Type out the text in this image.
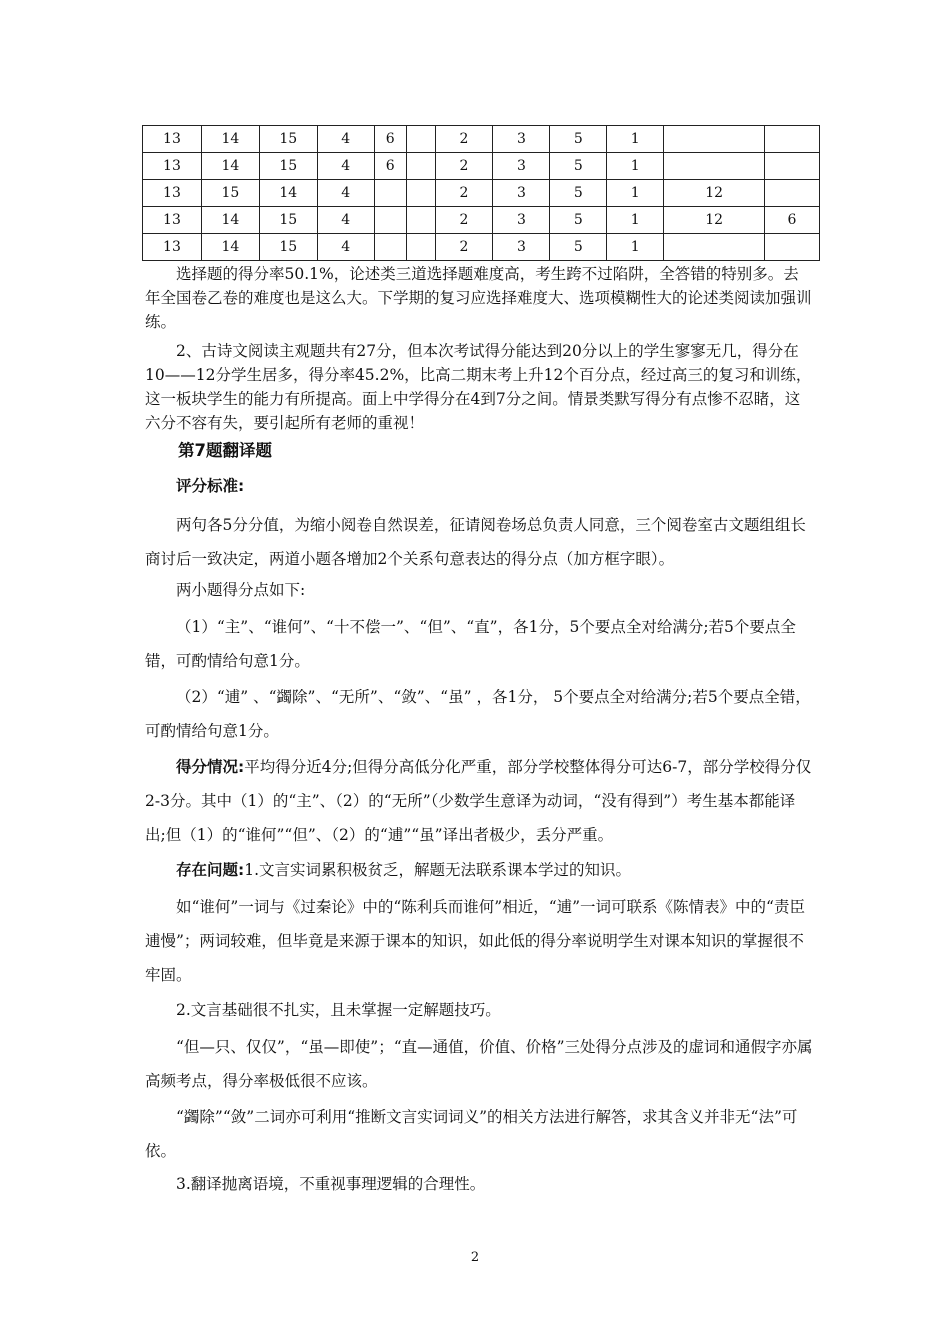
13	14	15	4	6		2	3	5	1		
13	14	15	4	6		2	3	5	1		
13	15	14	4			2	3	5	1	12	
13	14	15	4			2	3	5	1	12	6
13	14	15	4			2	3	5	1		

选择题的得分率50.1%，论述类三道选择题难度高，考生跨不过陷阱，全答错的特别多。去年全国卷乙卷的难度也是这么大。下学期的复习应选择难度大、选项模糊性大的论述类阅读加强训练。

2、古诗文阅读主观题共有27分，但本次考试得分能达到20分以上的学生寥寥无几，得分在10——12分学生居多，得分率45.2%，比高二期末考上升12个百分点，经过高三的复习和训练，这一板块学生的能力有所提高。面上中学得分在4到7分之间。情景类默写得分有点惨不忍睹，这六分不容有失，要引起所有老师的重视！

第7题翻译题

评分标准:

两句各5分分值，为缩小阅卷自然误差，征请阅卷场总负责人同意，三个阅卷室古文题组组长商讨后一致决定，两道小题各增加2个关系句意表达的得分点（加方框字眼）。

两小题得分点如下:

（1）“主”、“谁何”、“十不偿一”、“但”、“直”，各1分，5个要点全对给满分;若5个要点全错，可酌情给句意1分。

（2）“逋” 、“蠲除”、“无所”、“敛”、“虽” ，各1分， 5个要点全对给满分;若5个要点全错，可酌情给句意1分。

得分情况:平均得分近4分;但得分高低分化严重，部分学校整体得分可达6-7，部分学校得分仅2-3分。其中（1）的“主”、（2）的“无所”（少数学生意译为动词，“没有得到”）考生基本都能译出;但（1）的“谁何”“但”、（2）的“逋”“虽”译出者极少，丢分严重。

存在问题:1.文言实词累积极贫乏，解题无法联系课本学过的知识。

如“谁何”一词与《过秦论》中的“陈利兵而谁何”相近，“逋”一词可联系《陈情表》中的“责臣逋慢”；两词较难，但毕竟是来源于课本的知识，如此低的得分率说明学生对课本知识的掌握很不牢固。

2.文言基础很不扎实，且未掌握一定解题技巧。

“但—只、仅仅”，“虽—即使”；“直—通值，价值、价格”三处得分点涉及的虚词和通假字亦属高频考点，得分率极低很不应该。

“蠲除”“敛”二词亦可利用“推断文言实词词义”的相关方法进行解答，求其含义并非无“法”可依。

3.翻译抛离语境，不重视事理逻辑的合理性。

2
